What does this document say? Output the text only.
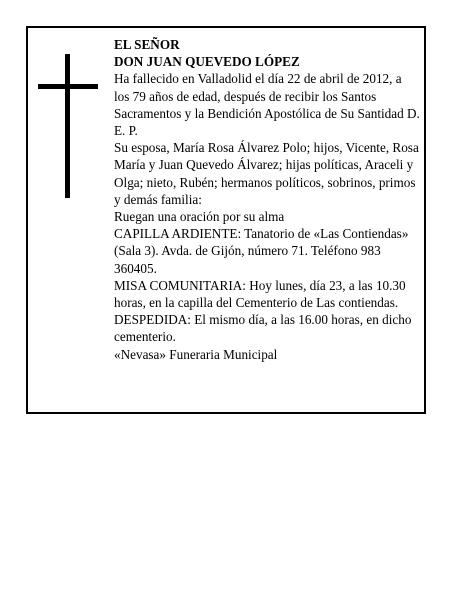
EL SEÑOR

DON JUAN QUEVEDO LÓPEZ

Ha fallecido en Valladolid el día 22 de abril de 2012, a los 79 años de edad, después de recibir los Santos Sacramentos y la Bendición Apostólica de Su Santidad D. E. P.

Su esposa, María Rosa Álvarez Polo; hijos, Vicente, Rosa María y Juan Quevedo Álvarez; hijas políticas, Araceli y Olga; nieto, Rubén; hermanos políticos, sobrinos, primos y demás familia:

Ruegan una oración por su alma

CAPILLA ARDIENTE: Tanatorio de «Las Contiendas» (Sala 3). Avda. de Gijón, número 71. Teléfono 983 360405.

MISA COMUNITARIA: Hoy lunes, día 23, a las 10.30 horas, en la capilla del Cementerio de Las contiendas.

DESPEDIDA: El mismo día, a las 16.00 horas, en dicho cementerio.

«Nevasa» Funeraria Municipal
